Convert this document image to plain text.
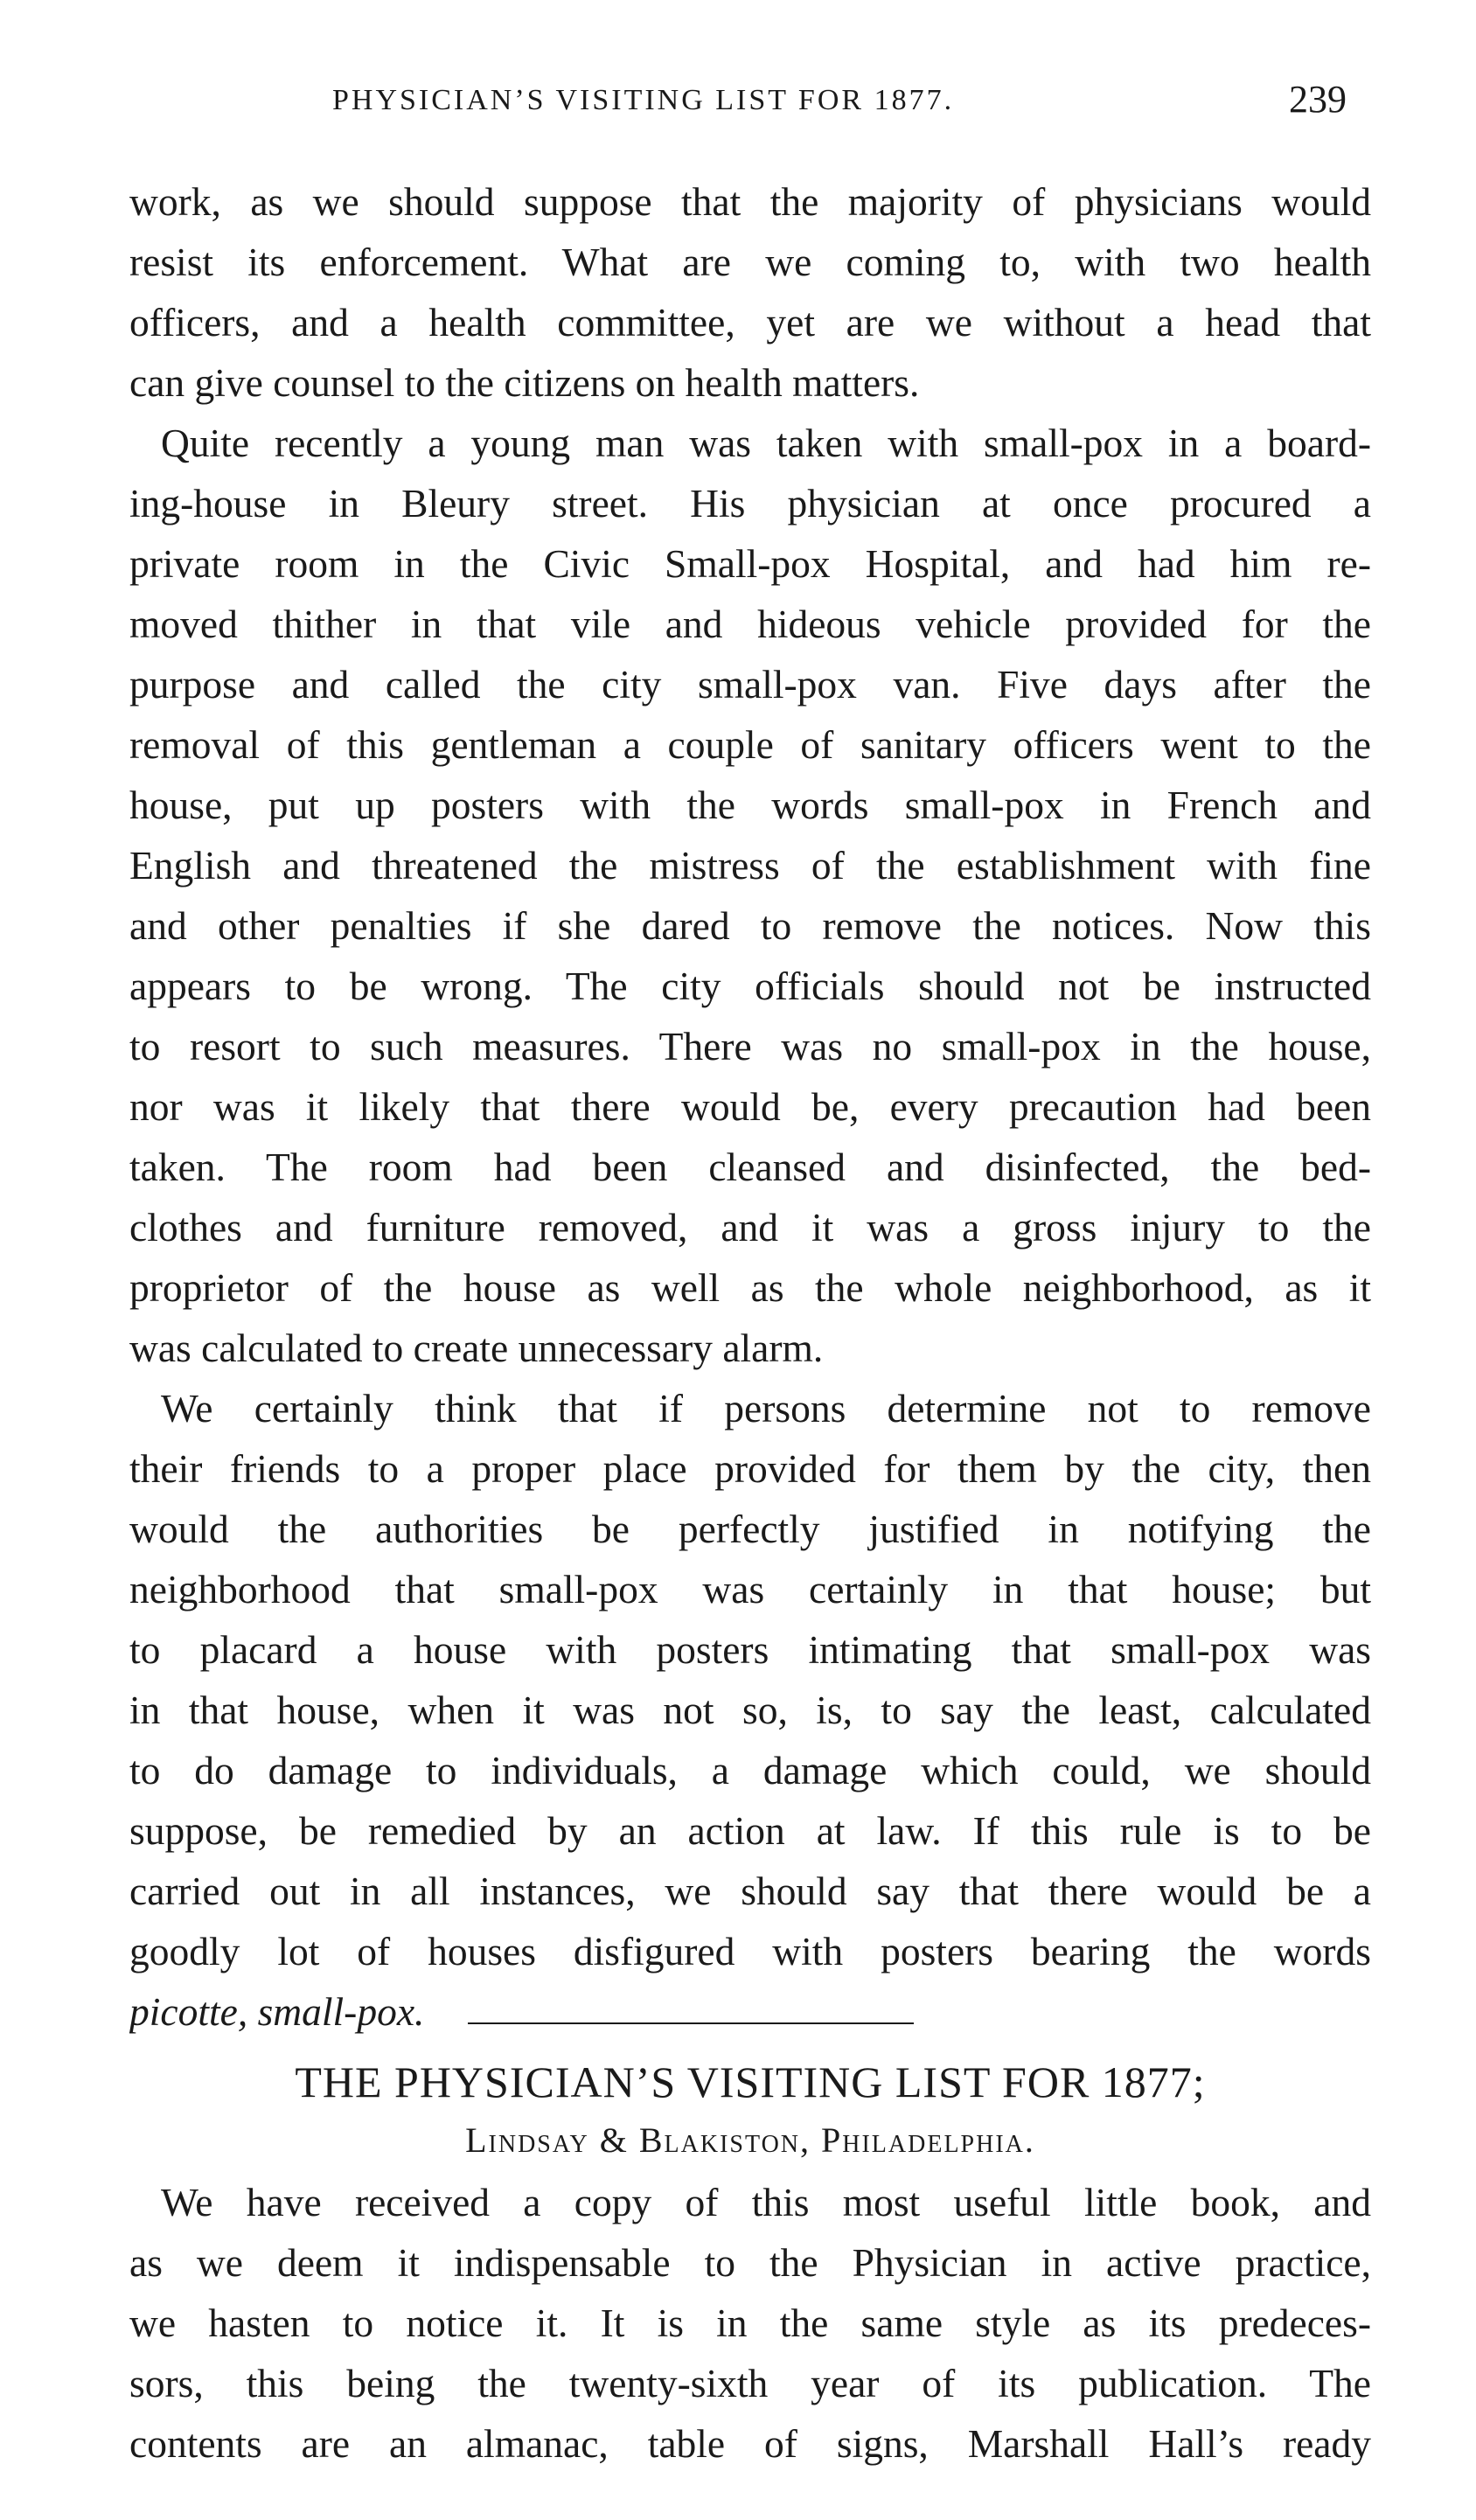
PHYSICIAN’S VISITING LIST FOR 1877.	239
work, as we should suppose that the majority of physicians would
resist its enforcement. What are we coming to, with two health
officers, and a health committee, yet are we without a head that
can give counsel to the citizens on health matters.
Quite recently a young man was taken with small-pox in a board-
ing-house in Bleury street. His physician at once procured a
private room in the Civic Small-pox Hospital, and had him re-
moved thither in that vile and hideous vehicle provided for the
purpose and called the city small-pox van. Five days after the
removal of this gentleman a couple of sanitary officers went to the
house, put up posters with the words small-pox in French and
English and threatened the mistress of the establishment with fine
and other penalties if she dared to remove the notices. Now this
appears to be wrong. The city officials should not be instructed
to resort to such measures. There was no small-pox in the house,
nor was it likely that there would be, every precaution had been
taken. The room had been cleansed and disinfected, the bed-
clothes and furniture removed, and it was a gross injury to the
proprietor of the house as well as the whole neighborhood, as it
was calculated to create unnecessary alarm.
We certainly think that if persons determine not to remove
their friends to a proper place provided for them by the city, then
would the authorities be perfectly justified in notifying the
neighborhood that small-pox was certainly in that house; but
to placard a house with posters intimating that small-pox was
in that house, when it was not so, is, to say the least, calculated
to do damage to individuals, a damage which could, we should
suppose, be remedied by an action at law. If this rule is to be
carried out in all instances, we should say that there would be a
goodly lot of houses disfigured with posters bearing the words
picotte, small-pox.
THE PHYSICIAN’S VISITING LIST FOR 1877;
Lindsay & Blakiston, Philadelphia.
We have received a copy of this most useful little book, and
as we deem it indispensable to the Physician in active practice,
we hasten to notice it. It is in the same style as its predeces-
sors, this being the twenty-sixth year of its publication. The
contents are an almanac, table of signs, Marshall Hall’s ready
